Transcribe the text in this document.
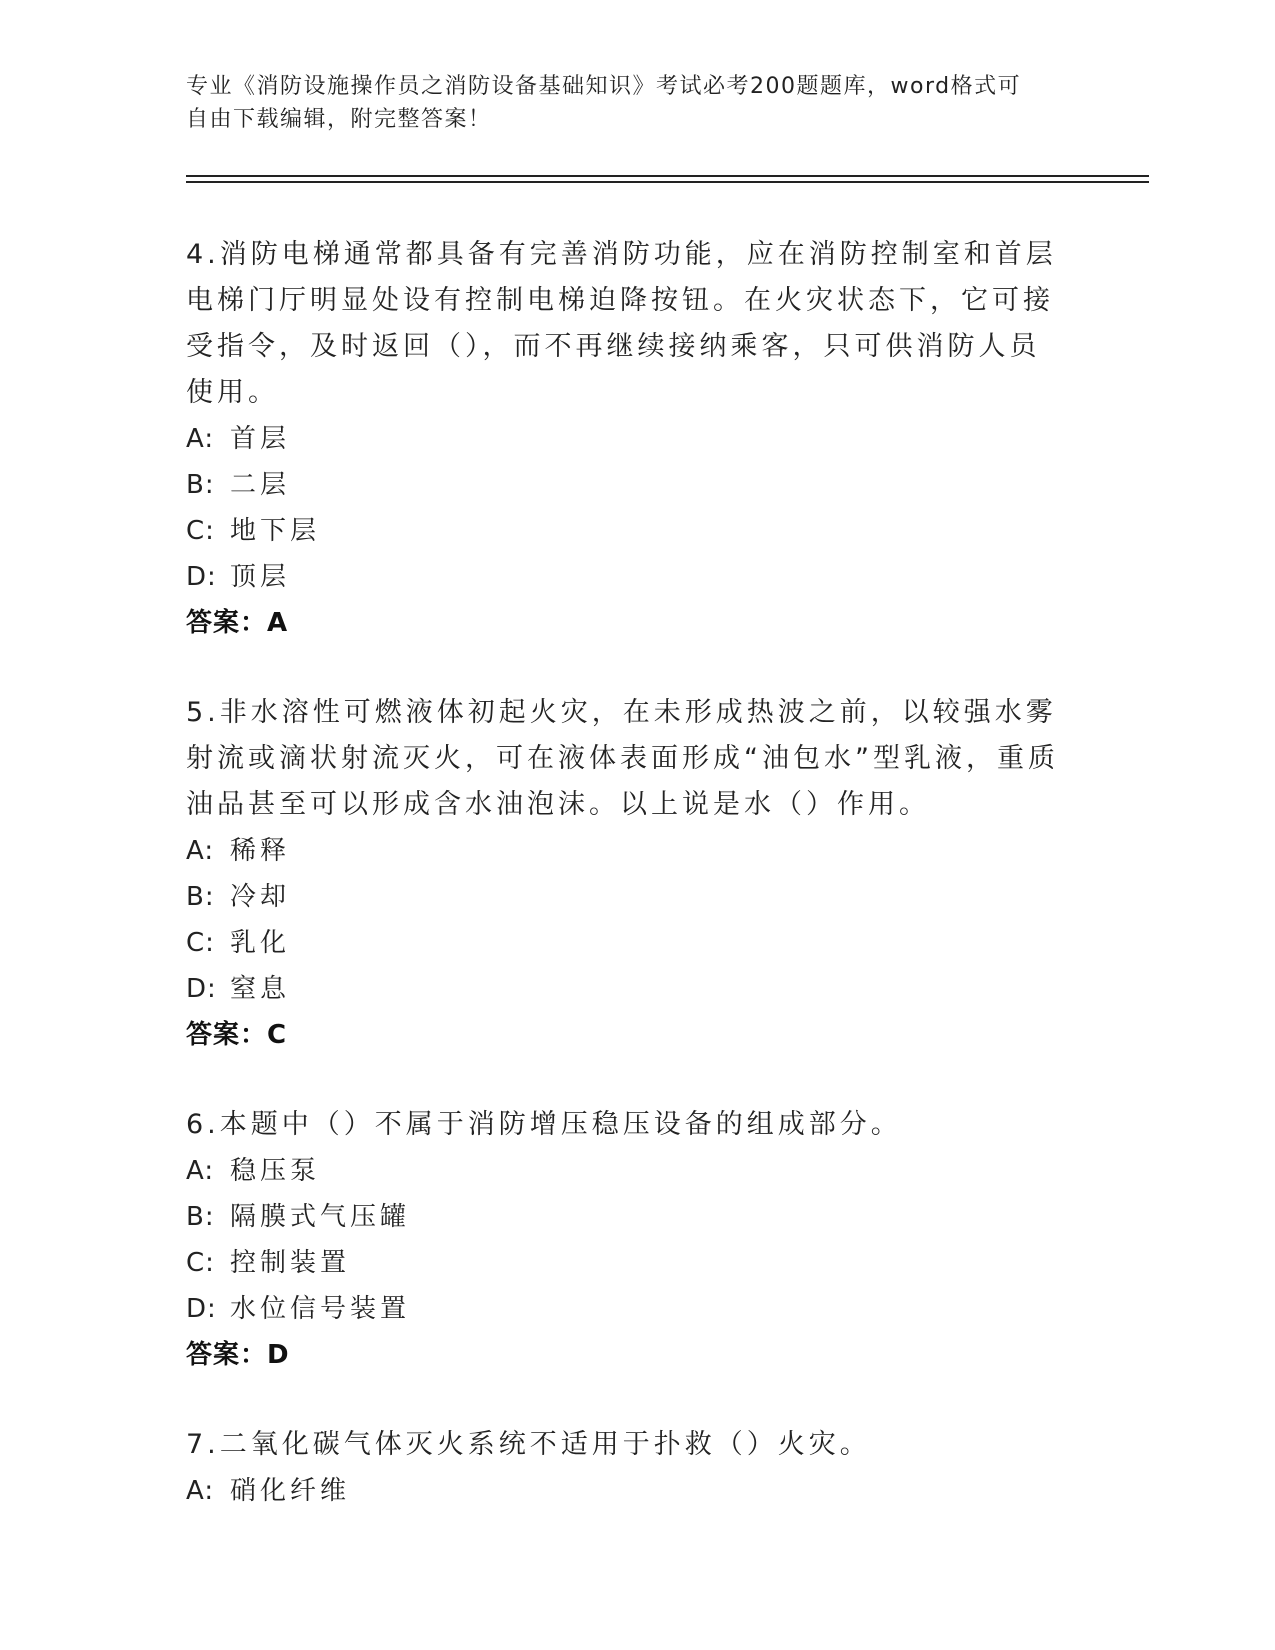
专业《消防设施操作员之消防设备基础知识》考试必考200题题库，word格式可
自由下载编辑，附完整答案！
4.消防电梯通常都具备有完善消防功能，应在消防控制室和首层电梯门厅明显处设有控制电梯迫降按钮。在火灾状态下，它可接受指令，及时返回（），而不再继续接纳乘客，只可供消防人员使用。
A: 首层
B: 二层
C: 地下层
D: 顶层
答案：A
5.非水溶性可燃液体初起火灾，在未形成热波之前，以较强水雾射流或滴状射流灭火，可在液体表面形成“油包水”型乳液，重质油品甚至可以形成含水油泡沫。以上说是水（）作用。
A: 稀释
B: 冷却
C: 乳化
D: 窒息
答案：C
6.本题中（）不属于消防增压稳压设备的组成部分。
A: 稳压泵
B: 隔膜式气压罐
C: 控制装置
D: 水位信号装置
答案：D
7.二氧化碳气体灭火系统不适用于扑救（）火灾。
A: 硝化纤维
